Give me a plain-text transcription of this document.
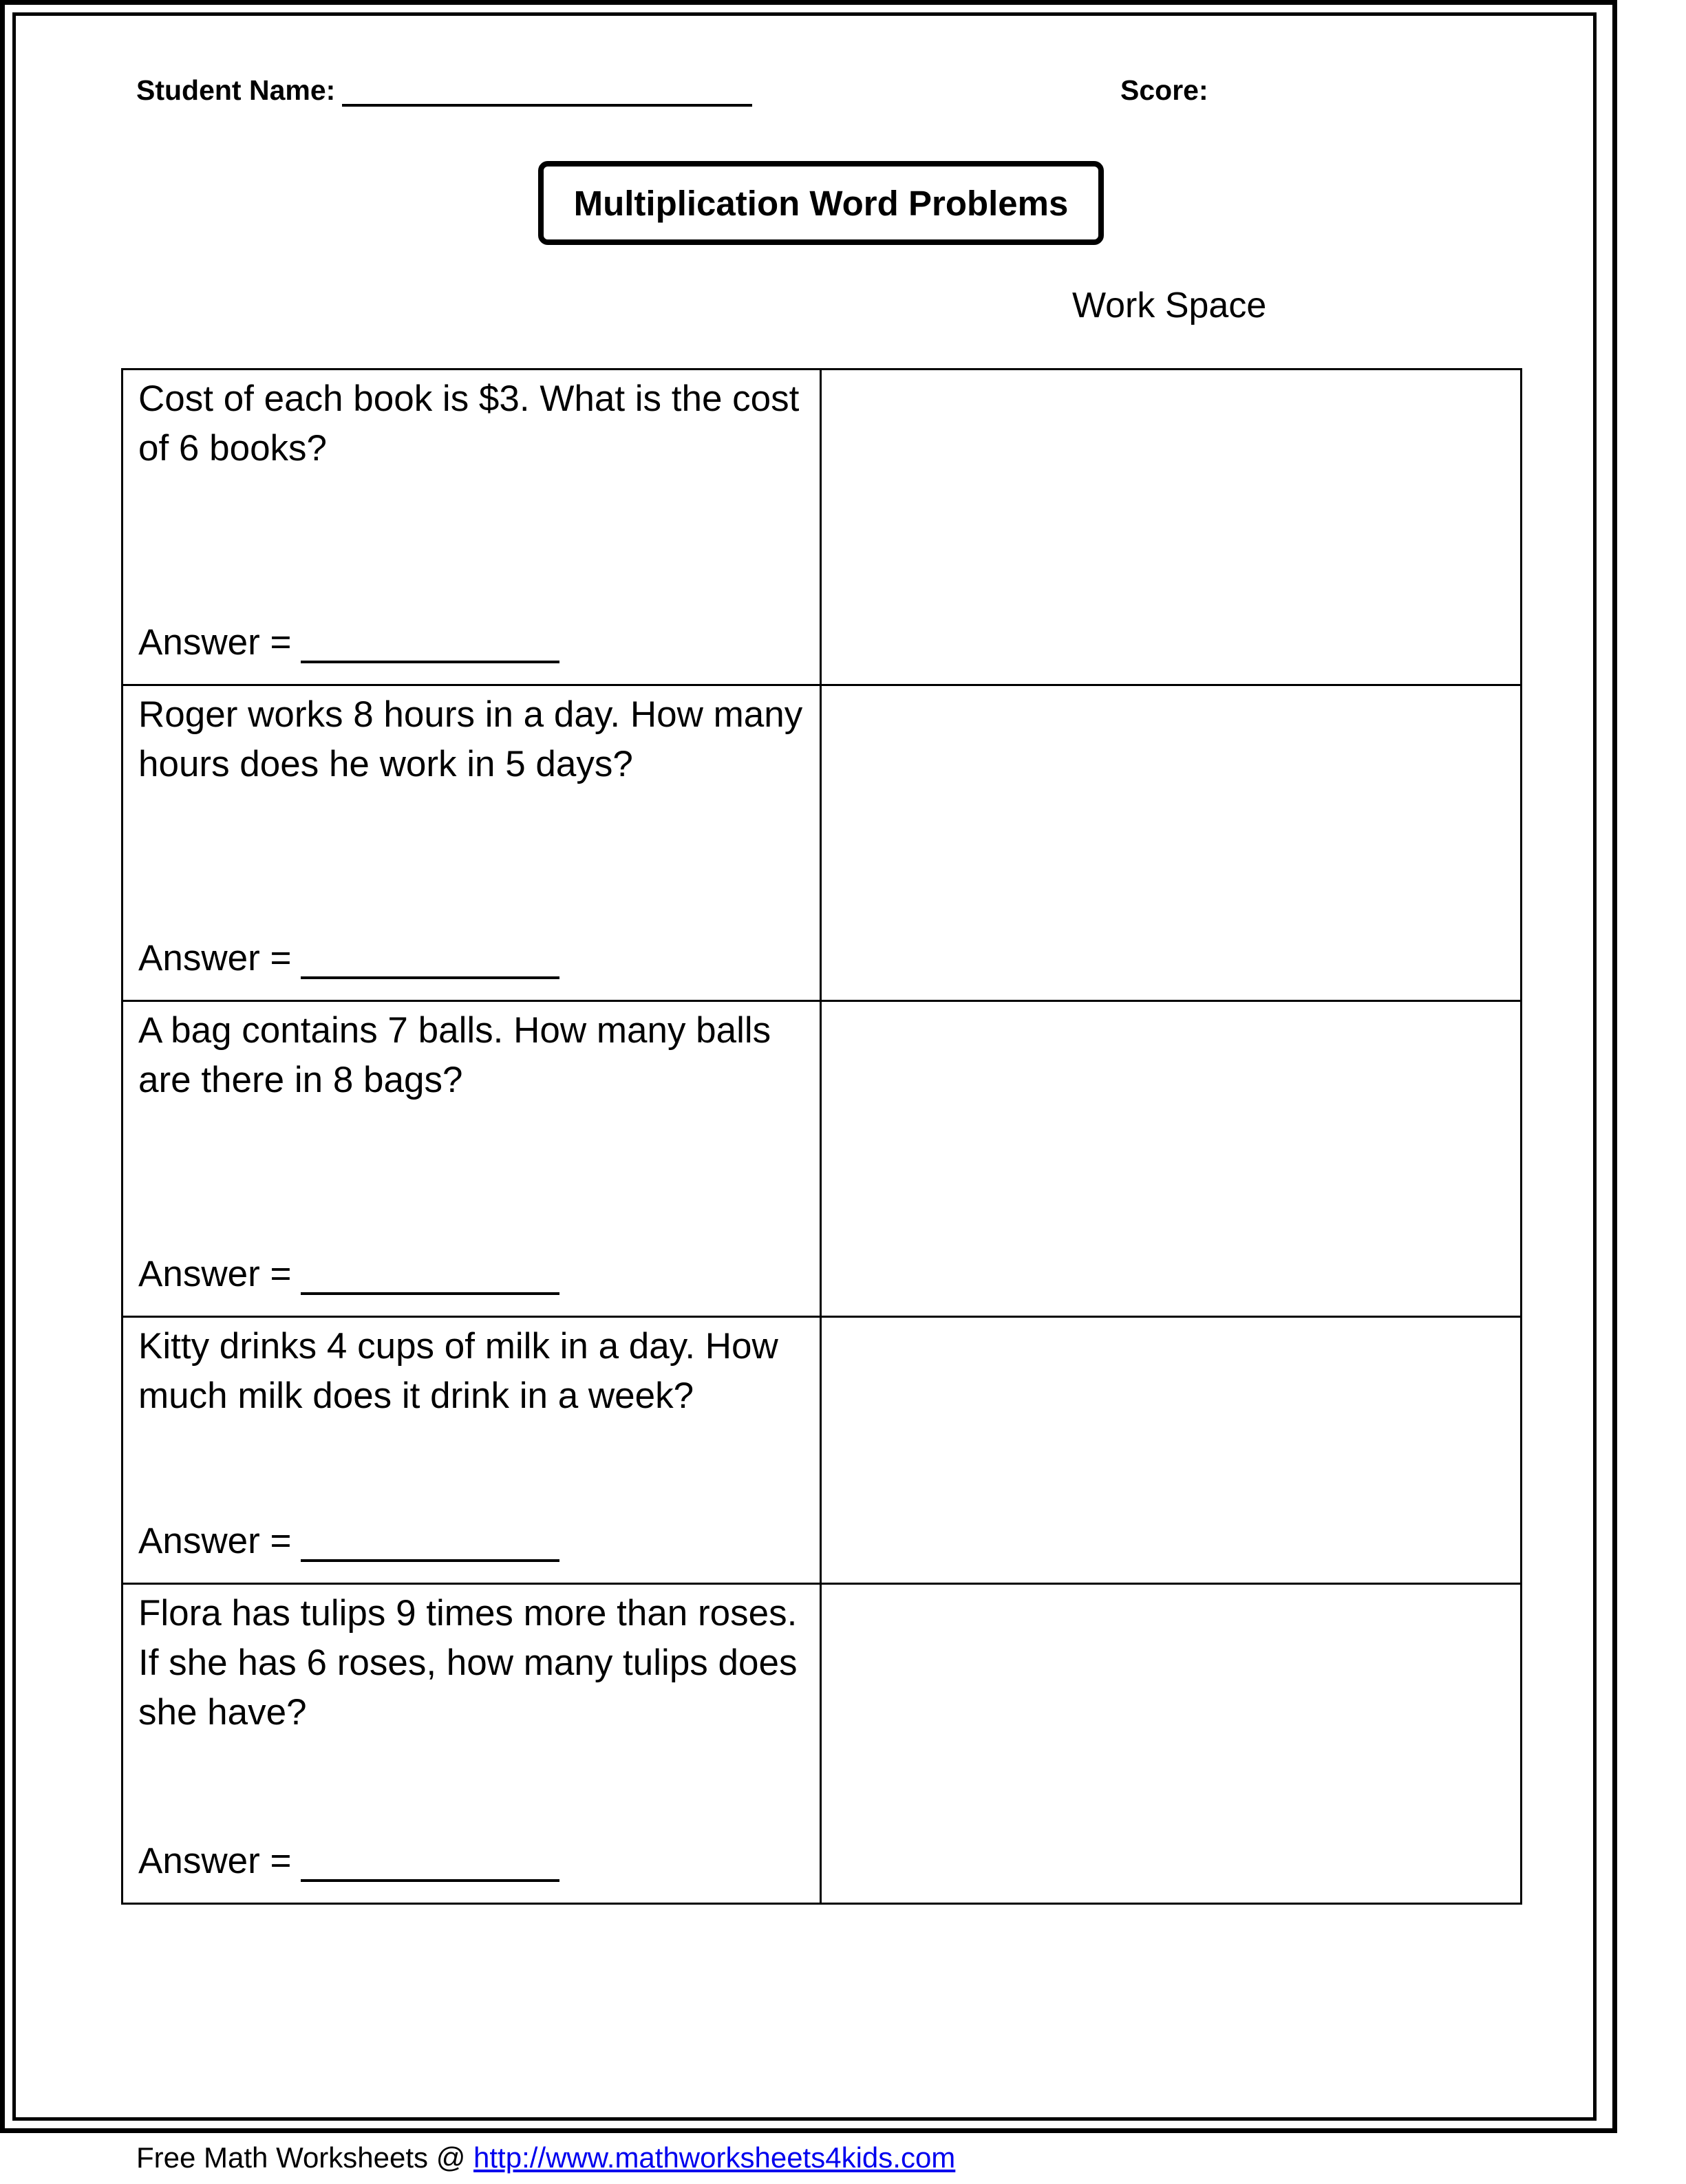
Student Name:	Score:
Multiplication Word Problems
Work Space
Cost of each book is $3. What is the cost of 6 books?
Answer =	

Roger works 8 hours in a day. How many hours does he work in 5 days?
Answer =	

A bag contains 7 balls. How many balls are there in 8 bags?
Answer =	

Kitty drinks 4 cups of milk in a day. How much milk does it drink in a week?
Answer =	

Flora has tulips 9 times more than roses. If she has 6 roses, how many tulips does she have?
Answer =	

Free Math Worksheets @ http://www.mathworksheets4kids.com
